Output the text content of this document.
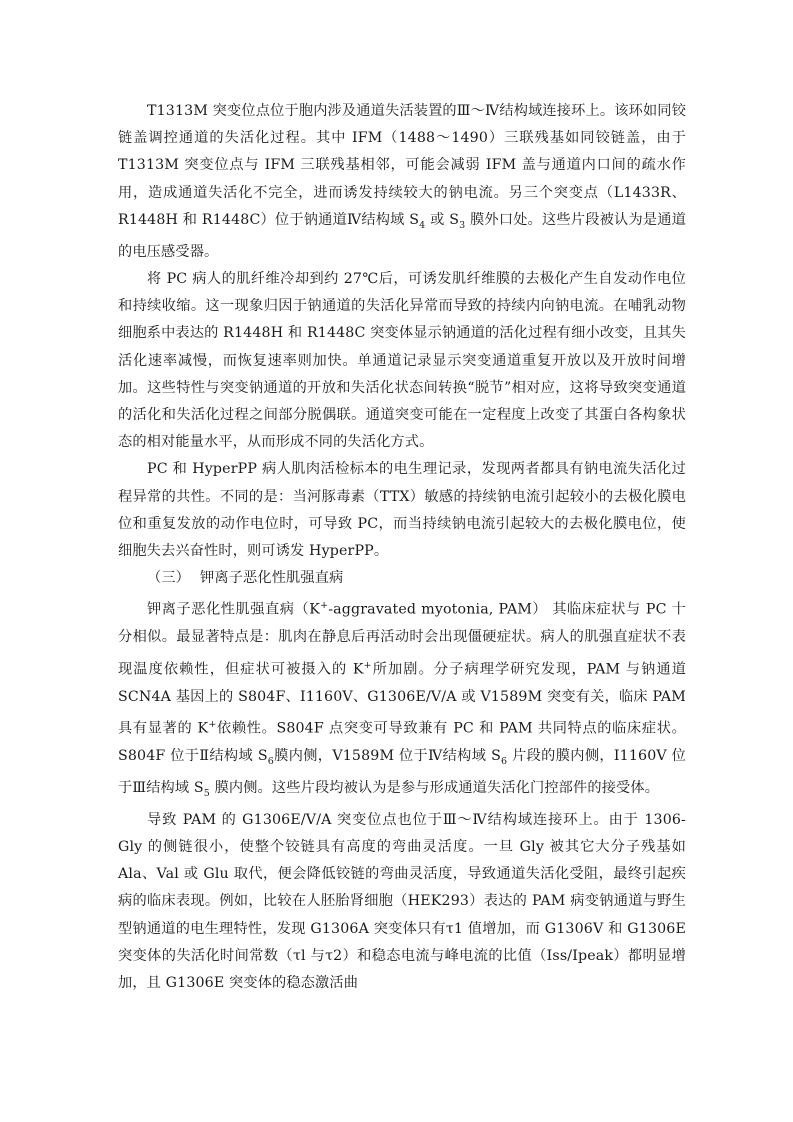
T1313M 突变位点位于胞内涉及通道失活装置的Ⅲ～Ⅳ结构域连接环上。该环如同铰链盖调控通道的失活化过程。其中 IFM（1488～1490）三联残基如同铰链盖，由于 T1313M 突变位点与 IFM 三联残基相邻，可能会减弱 IFM 盖与通道内口间的疏水作用，造成通道失活化不完全，进而诱发持续较大的钠电流。另三个突变点（L1433R、R1448H 和 R1448C）位于钠通道Ⅳ结构域 $S_4$ 或 $S_3$ 膜外口处。这些片段被认为是通道的电压感受器。

将 PC 病人的肌纤维冷却到约 27℃后，可诱发肌纤维膜的去极化产生自发动作电位和持续收缩。这一现象归因于钠通道的失活化异常而导致的持续内向钠电流。在哺乳动物细胞系中表达的 R1448H 和 R1448C 突变体显示钠通道的活化过程有细小改变，且其失活化速率减慢，而恢复速率则加快。单通道记录显示突变通道重复开放以及开放时间增加。这些特性与突变钠通道的开放和失活化状态间转换“脱节”相对应，这将导致突变通道的活化和失活化过程之间部分脱偶联。通道突变可能在一定程度上改变了其蛋白各构象状态的相对能量水平，从而形成不同的失活化方式。

PC 和 HyperPP 病人肌肉活检标本的电生理记录，发现两者都具有钠电流失活化过程异常的共性。不同的是：当河豚毒素（TTX）敏感的持续钠电流引起较小的去极化膜电位和重复发放的动作电位时，可导致 PC，而当持续钠电流引起较大的去极化膜电位，使细胞失去兴奋性时，则可诱发 HyperPP。

（三） 钾离子恶化性肌强直病

钾离子恶化性肌强直病（K+-aggravated myotonia, PAM） 其临床症状与 PC 十分相似。最显著特点是：肌肉在静息后再活动时会出现僵硬症状。病人的肌强直症状不表现温度依赖性，但症状可被摄入的 K+所加剧。分子病理学研究发现，PAM 与钠通道 SCN4A 基因上的 S804F、I1160V、G1306E/V/A 或 V1589M 突变有关，临床 PAM 具有显著的 K+依赖性。S804F 点突变可导致兼有 PC 和 PAM 共同特点的临床症状。S804F 位于Ⅱ结构域 $S_6$膜内侧，V1589M 位于Ⅳ结构域 $S_6$ 片段的膜内侧，I1160V 位于Ⅲ结构域 $S_5$ 膜内侧。这些片段均被认为是参与形成通道失活化门控部件的接受体。

导致 PAM 的 G1306E/V/A 突变位点也位于Ⅲ～Ⅳ结构域连接环上。由于 1306-Gly 的侧链很小，使整个铰链具有高度的弯曲灵活度。一旦 Gly 被其它大分子残基如 Ala、Val 或 Glu 取代，便会降低铰链的弯曲灵活度，导致通道失活化受阻，最终引起疾病的临床表现。例如，比较在人胚胎肾细胞（HEK293）表达的 PAM 病变钠通道与野生型钠通道的电生理特性，发现 G1306A 突变体只有τ1 值增加，而 G1306V 和 G1306E 突变体的失活化时间常数（τl 与τ2）和稳态电流与峰电流的比值（Iss/Ipeak）都明显增加，且 G1306E 突变体的稳态激活曲
